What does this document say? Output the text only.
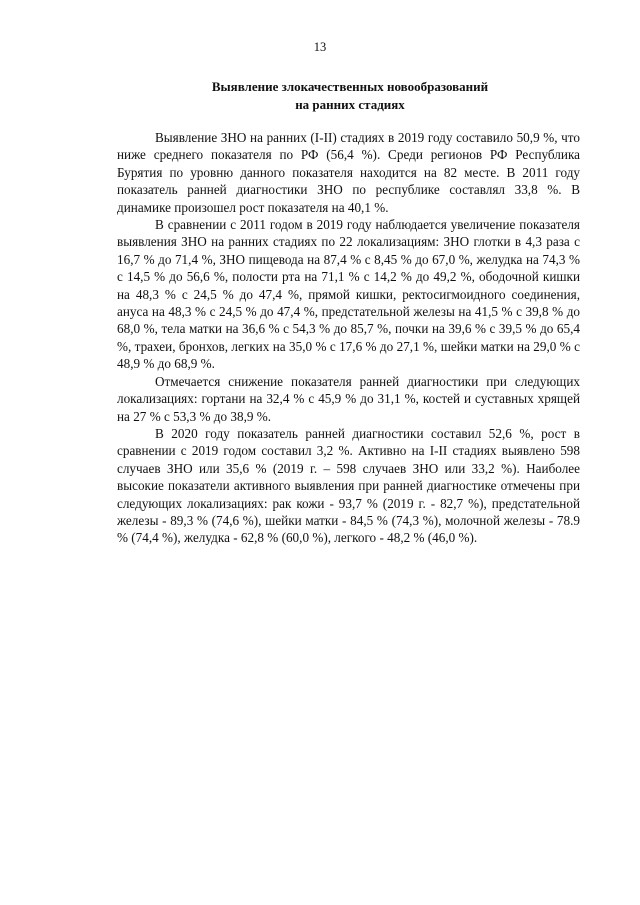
13
Выявление злокачественных новообразований
на ранних стадиях

Выявление ЗНО на ранних (I-II) стадиях в 2019 году составило 50,9 %, что ниже среднего показателя по РФ (56,4 %). Среди регионов РФ Республика Бурятия по уровню данного показателя находится на 82 месте. В 2011 году показатель ранней диагностики ЗНО по республике составлял 33,8 %. В динамике произошел рост показателя на 40,1 %.

В сравнении с 2011 годом в 2019 году наблюдается увеличение показателя выявления ЗНО на ранних стадиях по 22 локализациям: ЗНО глотки в 4,3 раза с 16,7 % до 71,4 %, ЗНО пищевода на 87,4 % с 8,45 % до 67,0 %, желудка на 74,3 % с 14,5 % до 56,6 %, полости рта на 71,1 % с 14,2 % до 49,2 %, ободочной кишки на 48,3 % с 24,5 % до 47,4 %, прямой кишки, ректосигмоидного соединения, ануса на 48,3 % с 24,5 % до 47,4 %, предстательной железы на 41,5 % с 39,8 % до 68,0 %, тела матки на 36,6 % с 54,3 % до 85,7 %, почки на 39,6 % с 39,5 % до 65,4 %, трахеи, бронхов, легких на 35,0 % с 17,6 % до 27,1 %, шейки матки на 29,0 % с 48,9 % до 68,9 %.

Отмечается снижение показателя ранней диагностики при следующих локализациях: гортани на 32,4 % с 45,9 % до 31,1 %, костей и суставных хрящей на 27 % с 53,3 % до 38,9 %.

В 2020 году показатель ранней диагностики составил 52,6 %, рост в сравнении с 2019 годом составил 3,2 %. Активно на I-II стадиях выявлено 598 случаев ЗНО или 35,6 % (2019 г. – 598 случаев ЗНО или 33,2 %). Наиболее высокие показатели активного выявления при ранней диагностике отмечены при следующих локализациях: рак кожи - 93,7 % (2019 г. - 82,7 %), предстательной железы - 89,3 % (74,6 %), шейки матки - 84,5 % (74,3 %), молочной железы - 78.9 % (74,4 %), желудка - 62,8 % (60,0 %), легкого - 48,2 % (46,0 %).
